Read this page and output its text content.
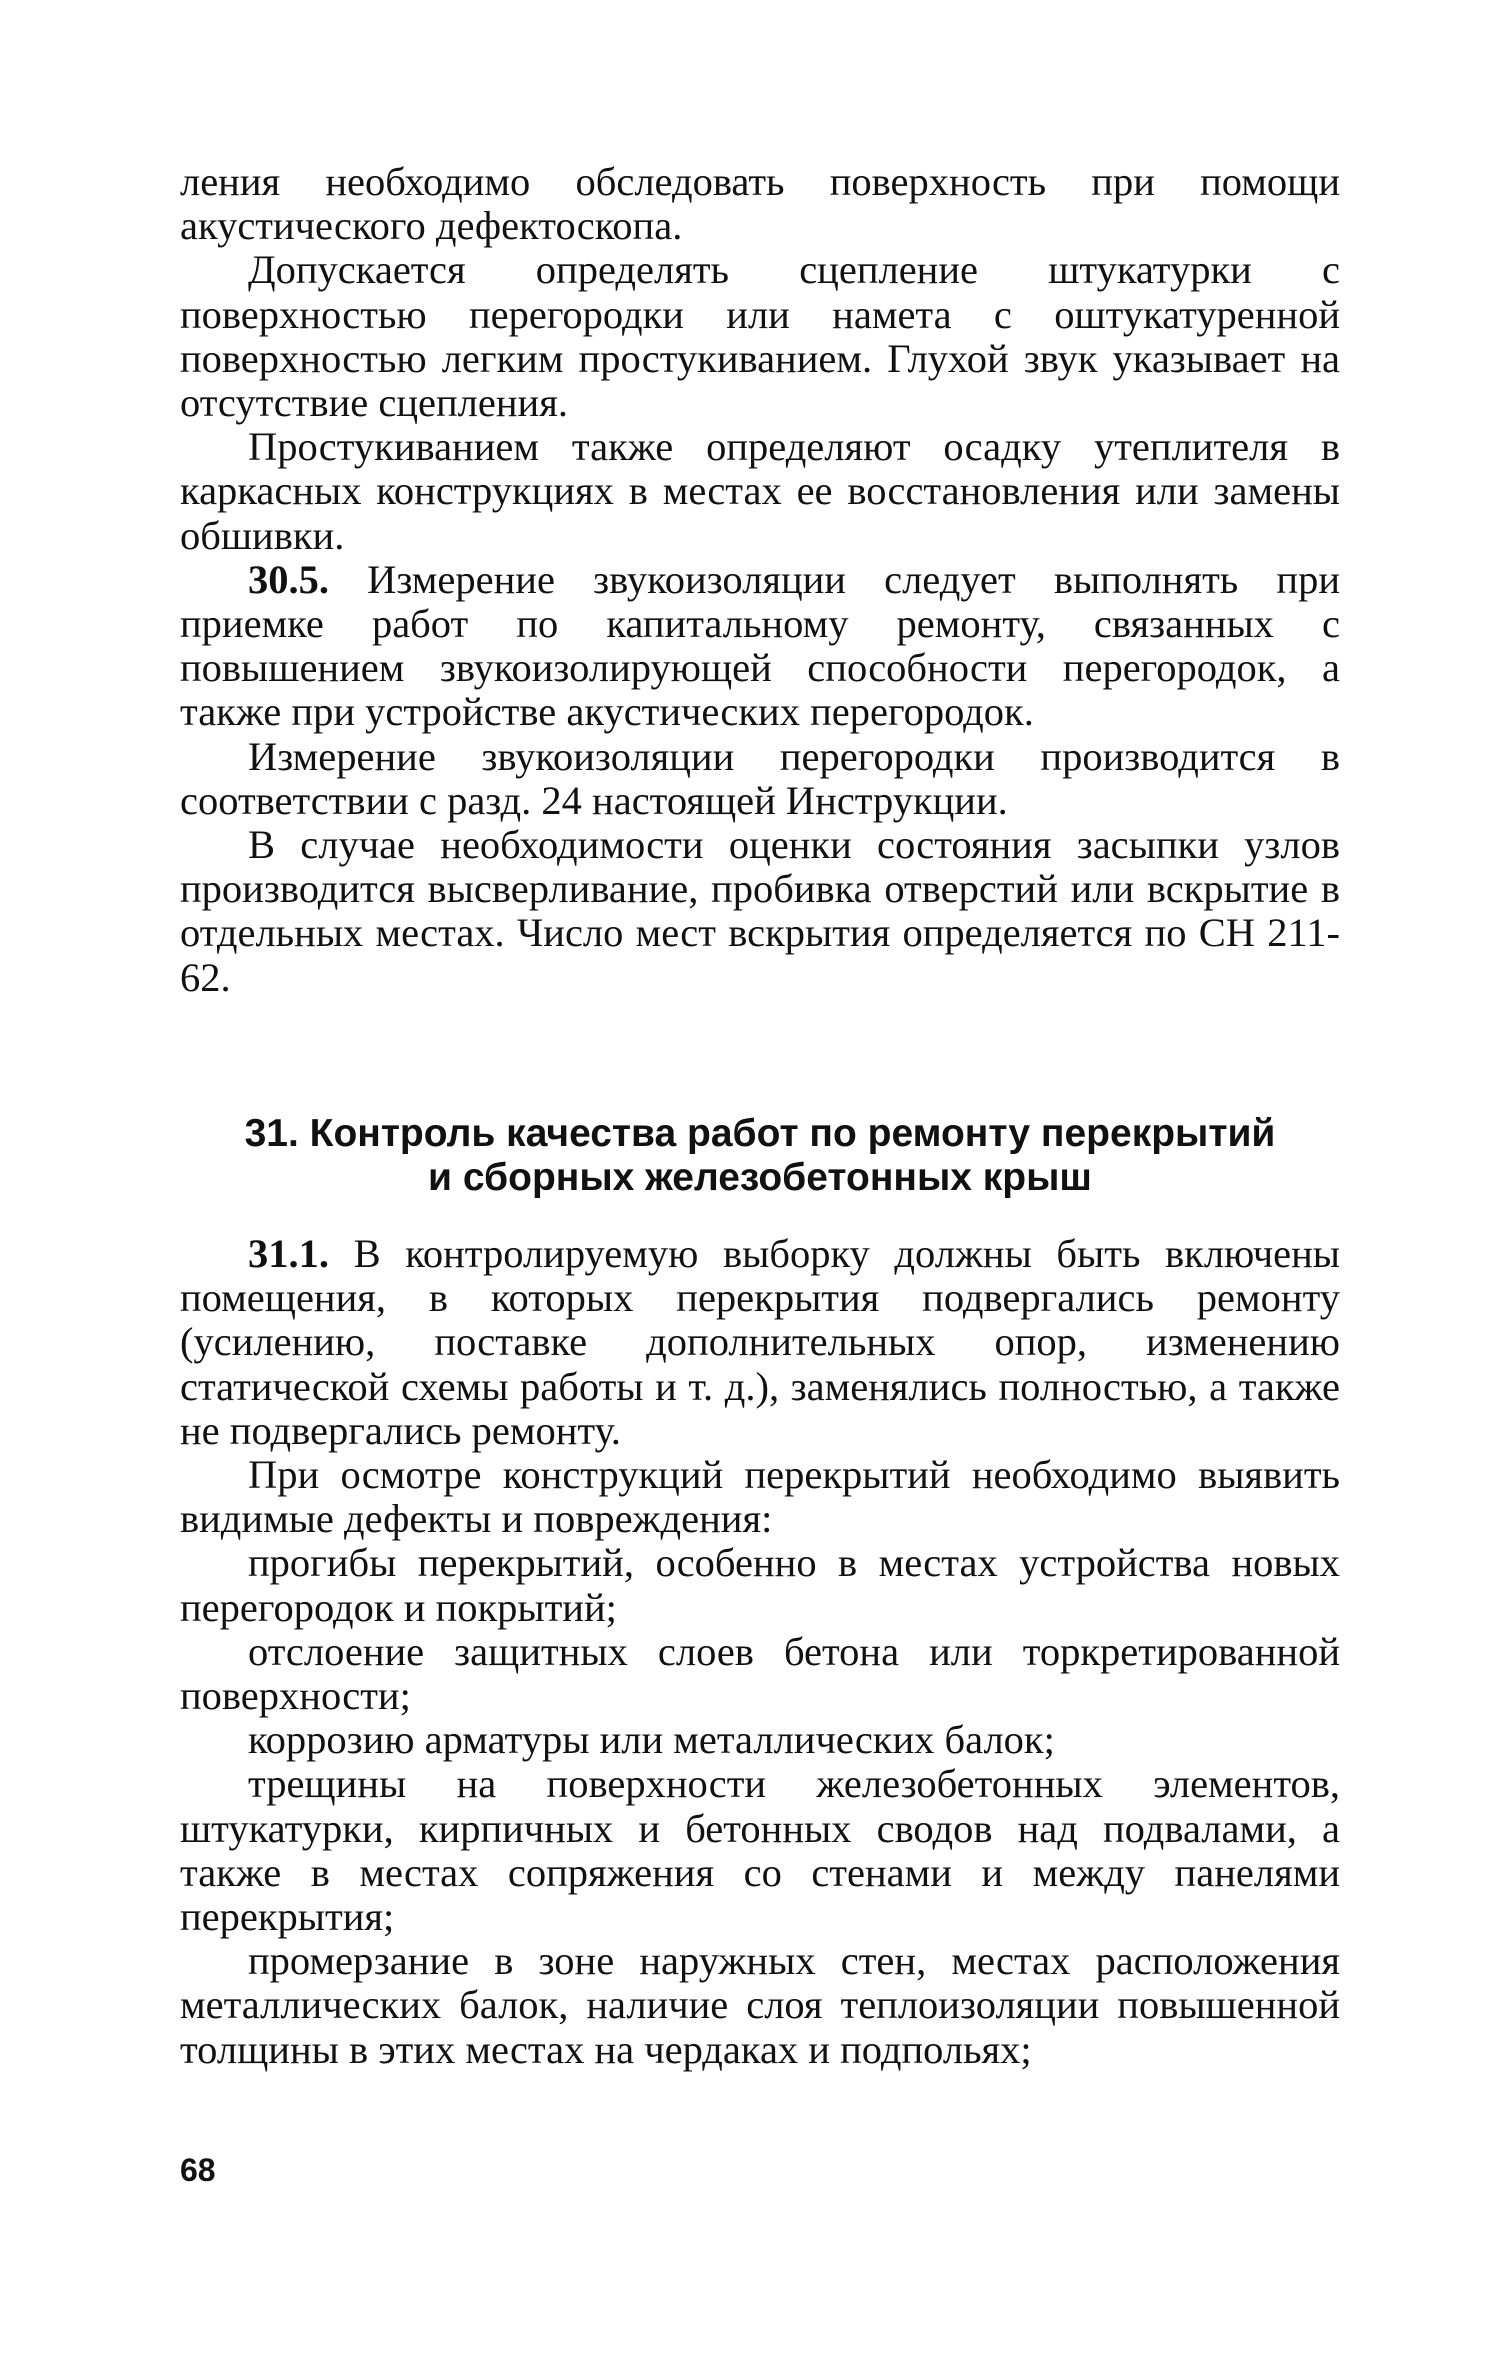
ления необходимо обследовать поверхность при помощи акустического дефектоскопа.

Допускается определять сцепление штукатурки с поверхностью перегородки или намета с оштукатуренной поверхностью легким простукиванием. Глухой звук указывает на отсутствие сцепления.

Простукиванием также определяют осадку утеплителя в каркасных конструкциях в местах ее восстановления или замены обшивки.

30.5. Измерение звукоизоляции следует выполнять при приемке работ по капитальному ремонту, связанных с повышением звукоизолирующей способности перегородок, а также при устройстве акустических перегородок.

Измерение звукоизоляции перегородки производится в соответствии с разд. 24 настоящей Инструкции.

В случае необходимости оценки состояния засыпки узлов производится высверливание, пробивка отверстий или вскрытие в отдельных местах. Число мест вскрытия определяется по СН 211-62.

31. Контроль качества работ по ремонту перекрытий
и сборных железобетонных крыш

31.1. В контролируемую выборку должны быть включены помещения, в которых перекрытия подвергались ремонту (усилению, поставке дополнительных опор, изменению статической схемы работы и т. д.), заменялись полностью, а также не подвергались ремонту.

При осмотре конструкций перекрытий необходимо выявить видимые дефекты и повреждения:

прогибы перекрытий, особенно в местах устройства новых перегородок и покрытий;

отслоение защитных слоев бетона или торкретированной поверхности;

коррозию арматуры или металлических балок;

трещины на поверхности железобетонных элементов, штукатурки, кирпичных и бетонных сводов над подвалами, а также в местах сопряжения со стенами и между панелями перекрытия;

промерзание в зоне наружных стен, местах расположения металлических балок, наличие слоя теплоизоляции повышенной толщины в этих местах на чердаках и подпольях;

68
